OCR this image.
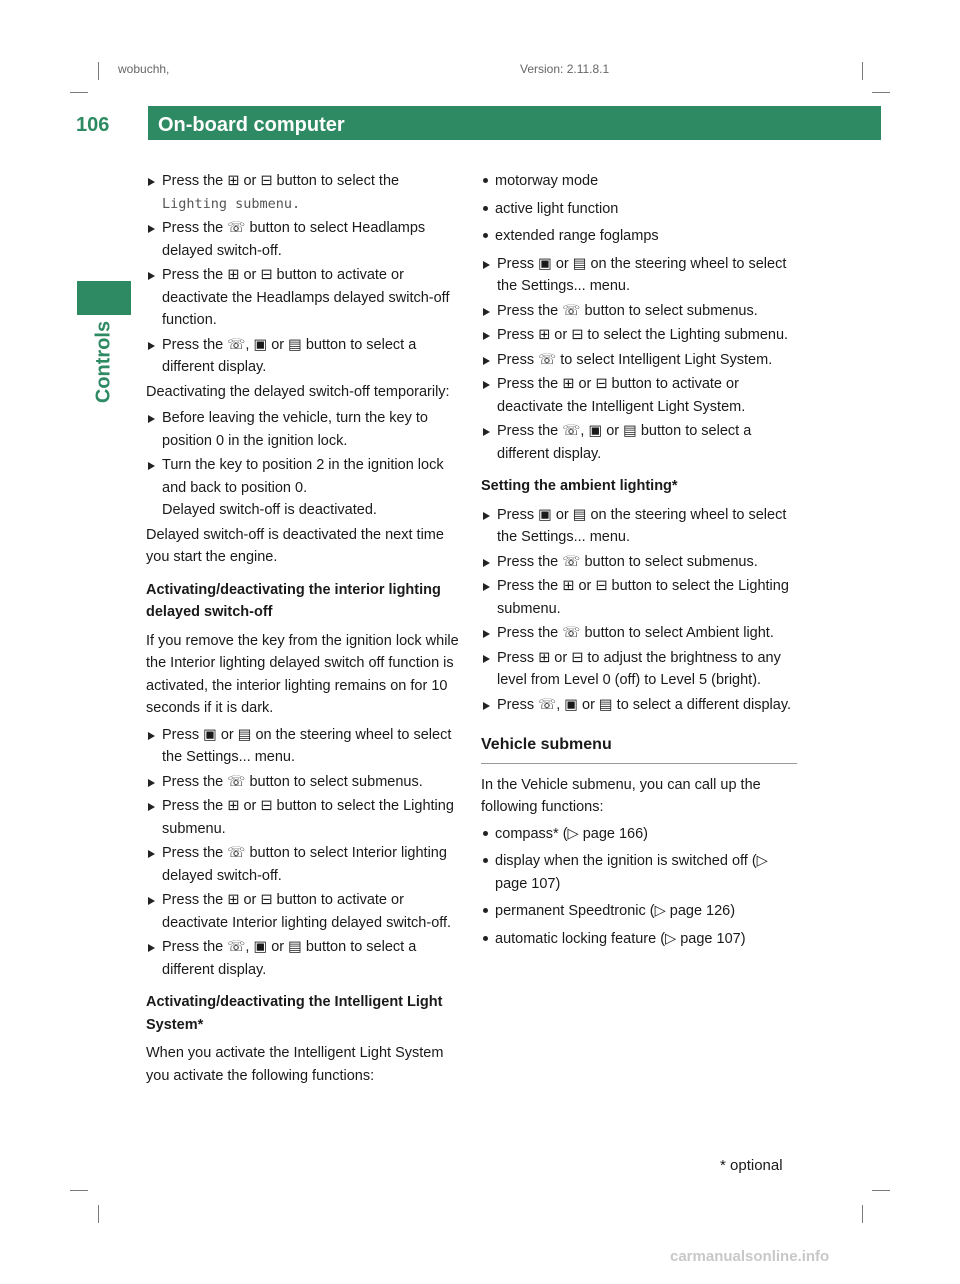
wobuchh,	Version: 2.11.8.1
106	On-board computer
Controls
Press the ⊞ or ⊟ button to select the Lighting submenu.
Press the ☏ button to select Headlamps delayed switch-off.
Press the ⊞ or ⊟ button to activate or deactivate the Headlamps delayed switch-off function.
Press the ☏, ▣ or ▤ button to select a different display.
Deactivating the delayed switch-off temporarily:
Before leaving the vehicle, turn the key to position 0 in the ignition lock.
Turn the key to position 2 in the ignition lock and back to position 0.
Delayed switch-off is deactivated.
Delayed switch-off is deactivated the next time you start the engine.
Activating/deactivating the interior lighting delayed switch-off
If you remove the key from the ignition lock while the Interior lighting delayed switch off function is activated, the interior lighting remains on for 10 seconds if it is dark.
Press ▣ or ▤ on the steering wheel to select the Settings... menu.
Press the ☏ button to select submenus.
Press the ⊞ or ⊟ button to select the Lighting submenu.
Press the ☏ button to select Interior lighting delayed switch-off.
Press the ⊞ or ⊟ button to activate or deactivate Interior lighting delayed switch-off.
Press the ☏, ▣ or ▤ button to select a different display.
Activating/deactivating the Intelligent Light System*
When you activate the Intelligent Light System you activate the following functions:
motorway mode
active light function
extended range foglamps
Press ▣ or ▤ on the steering wheel to select the Settings... menu.
Press the ☏ button to select submenus.
Press ⊞ or ⊟ to select the Lighting submenu.
Press ☏ to select Intelligent Light System.
Press the ⊞ or ⊟ button to activate or deactivate the Intelligent Light System.
Press the ☏, ▣ or ▤ button to select a different display.
Setting the ambient lighting*
Press ▣ or ▤ on the steering wheel to select the Settings... menu.
Press the ☏ button to select submenus.
Press the ⊞ or ⊟ button to select the Lighting submenu.
Press the ☏ button to select Ambient light.
Press ⊞ or ⊟ to adjust the brightness to any level from Level 0 (off) to Level 5 (bright).
Press ☏, ▣ or ▤ to select a different display.
Vehicle submenu
In the Vehicle submenu, you can call up the following functions:
compass* (▷ page 166)
display when the ignition is switched off (▷ page 107)
permanent Speedtronic (▷ page 126)
automatic locking feature (▷ page 107)
* optional
carmanualsonline.info
